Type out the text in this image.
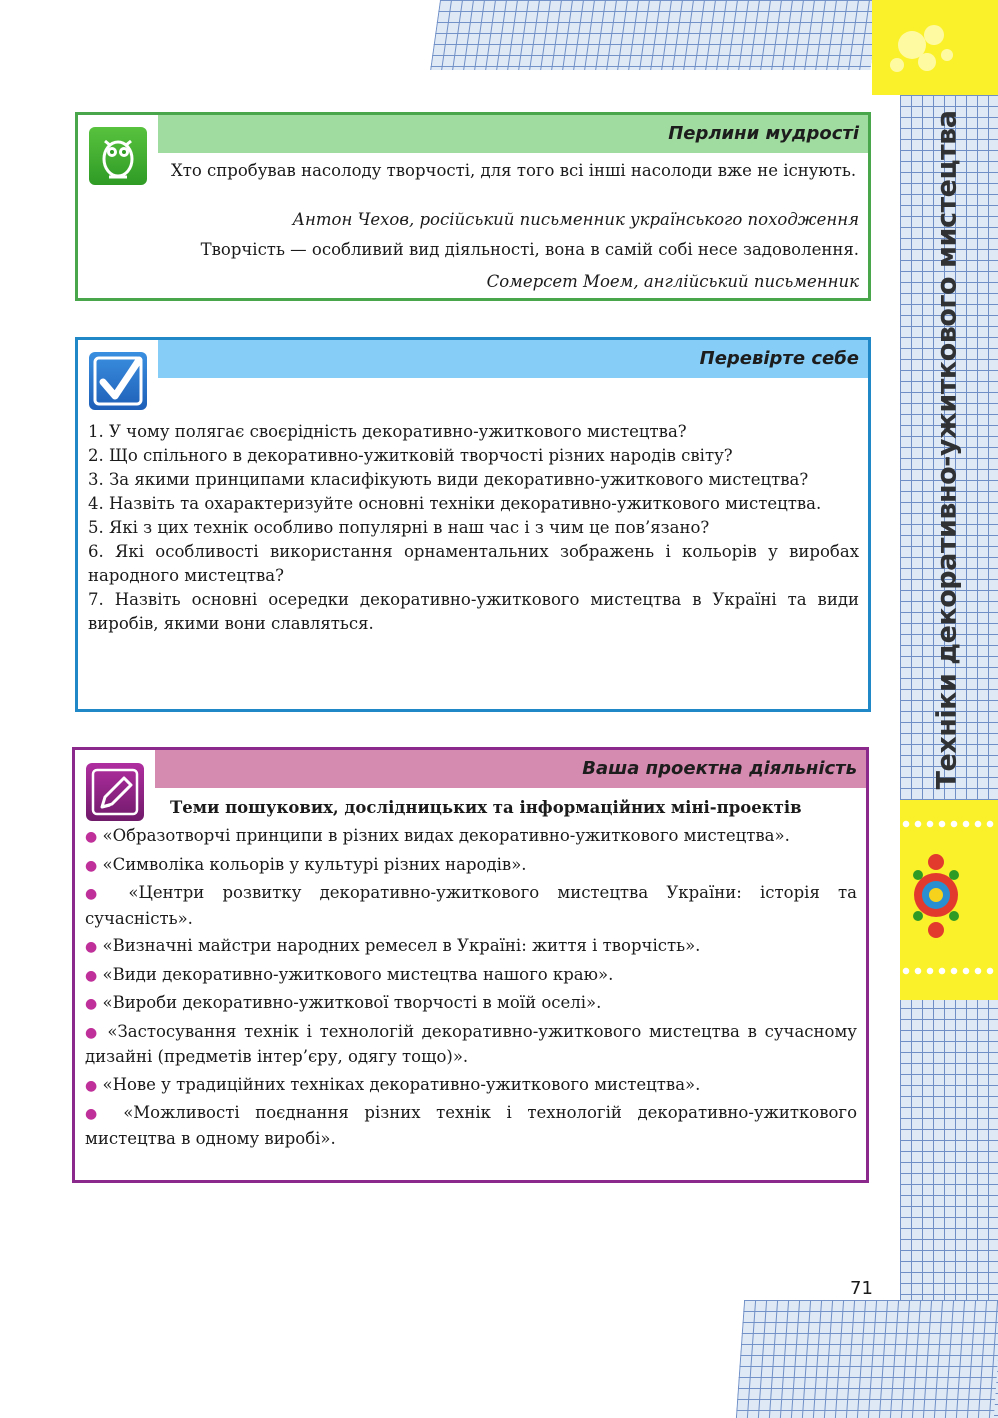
Техніки декоративно-ужиткового мистецтва
Перлини мудрості
Хто спробував насолоду творчості, для того всі інші насолоди вже не існують.
Антон Чехов, російський письменник українського походження
Творчість — особливий вид діяльності, вона в самій собі несе задоволення.
Сомерсет Моем, англійський письменник
Перевірте себе
1. У чому полягає своєрідність декоративно-ужиткового мистецтва?
2. Що спільного в декоративно-ужитковій творчості різних народів світу?
3. За якими принципами класифікують види декоративно-ужиткового мистецтва?
4. Назвіть та охарактеризуйте основні техніки декоративно-ужиткового мистецтва.
5. Які з цих технік особливо популярні в наш час і з чим це пов’язано?
6. Які особливості використання орнаментальних зображень і кольорів у виробах народного мистецтва?
7. Назвіть основні осередки декоративно-ужиткового мистецтва в Україні та види виробів, якими вони славляться.
Ваша проектна діяльність
Теми пошукових, дослідницьких та інформаційних міні-проектів
● «Образотворчі принципи в різних видах декоративно-ужиткового мистецтва».
● «Символіка кольорів у культурі різних народів».
● «Центри розвитку декоративно-ужиткового мистецтва України: історія та сучасність».
● «Визначні майстри народних ремесел в Україні: життя і творчість».
● «Види декоративно-ужиткового мистецтва нашого краю».
● «Вироби декоративно-ужиткової творчості в моїй оселі».
● «Застосування технік і технологій декоративно-ужиткового мистецтва в сучасному дизайні (предметів інтер’єру, одягу тощо)».
● «Нове у традиційних техніках декоративно-ужиткового мистецтва».
● «Можливості поєднання різних технік і технологій декоративно-ужиткового мистецтва в одному виробі».
71
